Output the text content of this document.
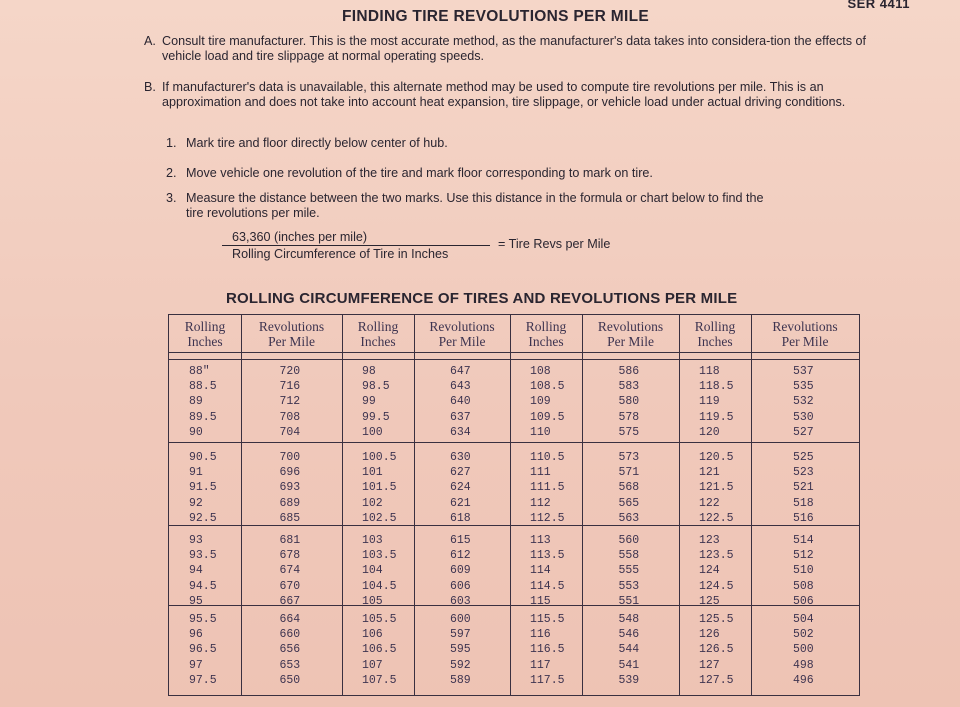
SER 4411
FINDING TIRE REVOLUTIONS PER MILE
A. Consult tire manufacturer. This is the most accurate method, as the manufacturer's data takes into considera-tion the effects of vehicle load and tire slippage at normal operating speeds.
B. If manufacturer's data is unavailable, this alternate method may be used to compute tire revolutions per mile. This is an approximation and does not take into account heat expansion, tire slippage, or vehicle load under actual driving conditions.
1. Mark tire and floor directly below center of hub.
2. Move vehicle one revolution of the tire and mark floor corresponding to mark on tire.
3. Measure the distance between the two marks. Use this distance in the formula or chart below to find the
tire revolutions per mile.
63,360 (inches per mile)
Rolling Circumference of Tire in Inches
= Tire Revs per Mile
ROLLING CIRCUMFERENCE OF TIRES AND REVOLUTIONS PER MILE
Rolling
Inches
Revolutions
Per Mile
Rolling
Inches
Revolutions
Per Mile
Rolling
Inches
Revolutions
Per Mile
Rolling
Inches
Revolutions
Per Mile
88"
88.5
89
89.5
90
720
716
712
708
704
98
98.5
99
99.5
100
647
643
640
637
634
108
108.5
109
109.5
110
586
583
580
578
575
118
118.5
119
119.5
120
537
535
532
530
527
90.5
91
91.5
92
92.5
700
696
693
689
685
100.5
101
101.5
102
102.5
630
627
624
621
618
110.5
111
111.5
112
112.5
573
571
568
565
563
120.5
121
121.5
122
122.5
525
523
521
518
516
93
93.5
94
94.5
95
681
678
674
670
667
103
103.5
104
104.5
105
615
612
609
606
603
113
113.5
114
114.5
115
560
558
555
553
551
123
123.5
124
124.5
125
514
512
510
508
506
95.5
96
96.5
97
97.5
664
660
656
653
650
105.5
106
106.5
107
107.5
600
597
595
592
589
115.5
116
116.5
117
117.5
548
546
544
541
539
125.5
126
126.5
127
127.5
504
502
500
498
496
